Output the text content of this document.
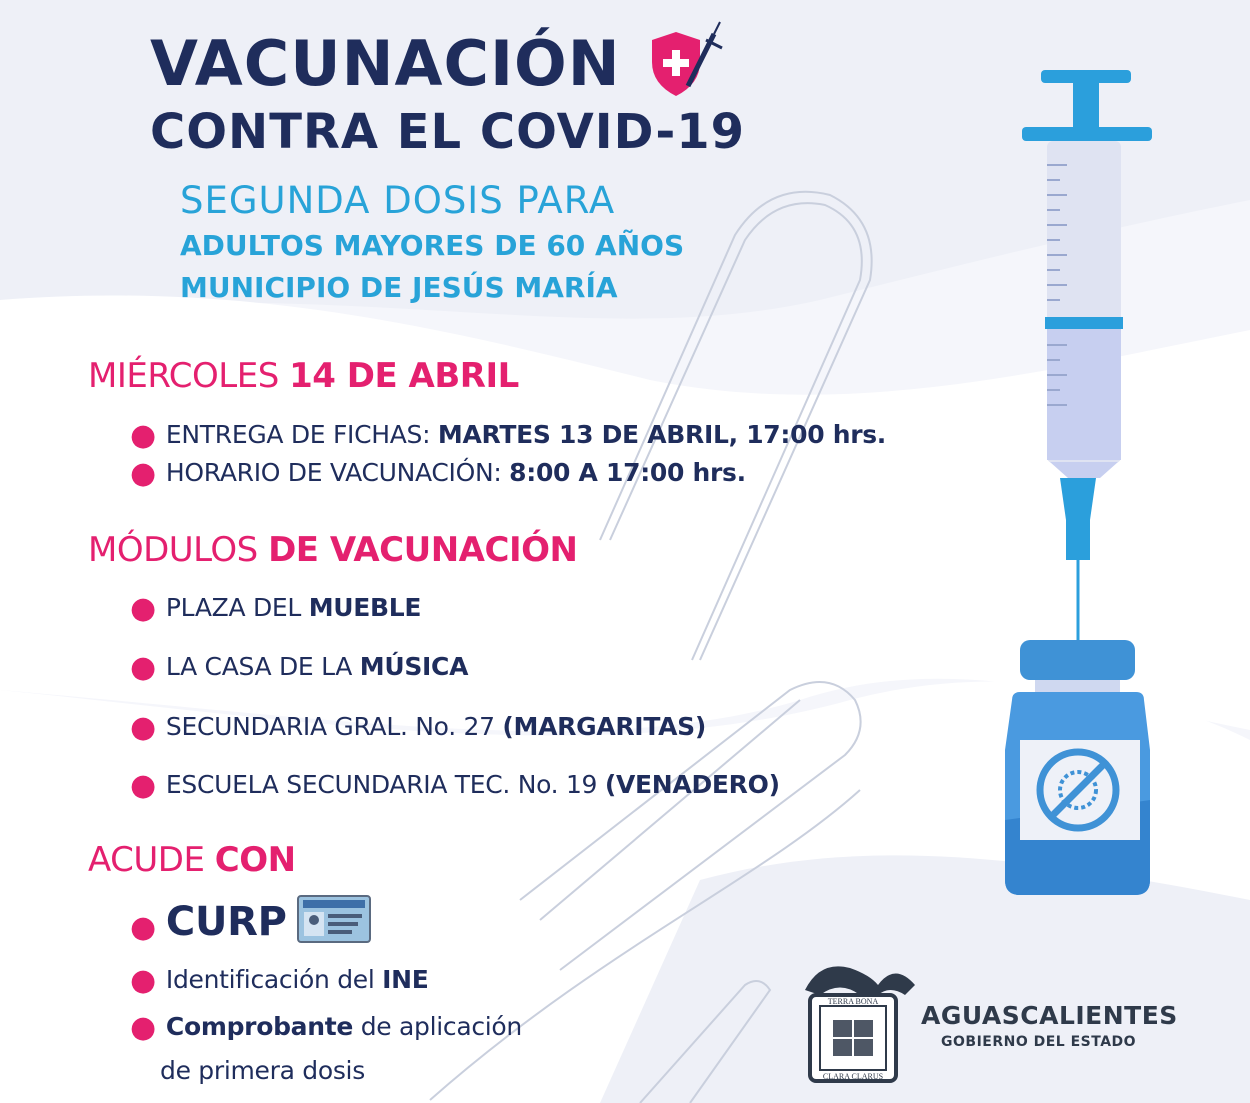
TERRA BONA
CLARA CLARUS
VACUNACIÓN
CONTRA EL COVID-19

SEGUNDA DOSIS PARA

ADULTOS MAYORES DE 60 AÑOS

MUNICIPIO DE JESÚS MARÍA

MIÉRCOLES 14 DE ABRIL

● ENTREGA DE FICHAS: MARTES 13 DE ABRIL, 17:00 hrs.

● HORARIO DE VACUNACIÓN: 8:00 A 17:00 hrs.

MÓDULOS DE VACUNACIÓN

● PLAZA DEL MUEBLE

● LA CASA DE LA MÚSICA

● SECUNDARIA GRAL. No. 27 (MARGARITAS)

● ESCUELA SECUNDARIA TEC. No. 19 (VENADERO)

ACUDE CON

● CURP

● Identificación del INE

● Comprobante de aplicación

de primera dosis

AGUASCALIENTES

GOBIERNO DEL ESTADO
